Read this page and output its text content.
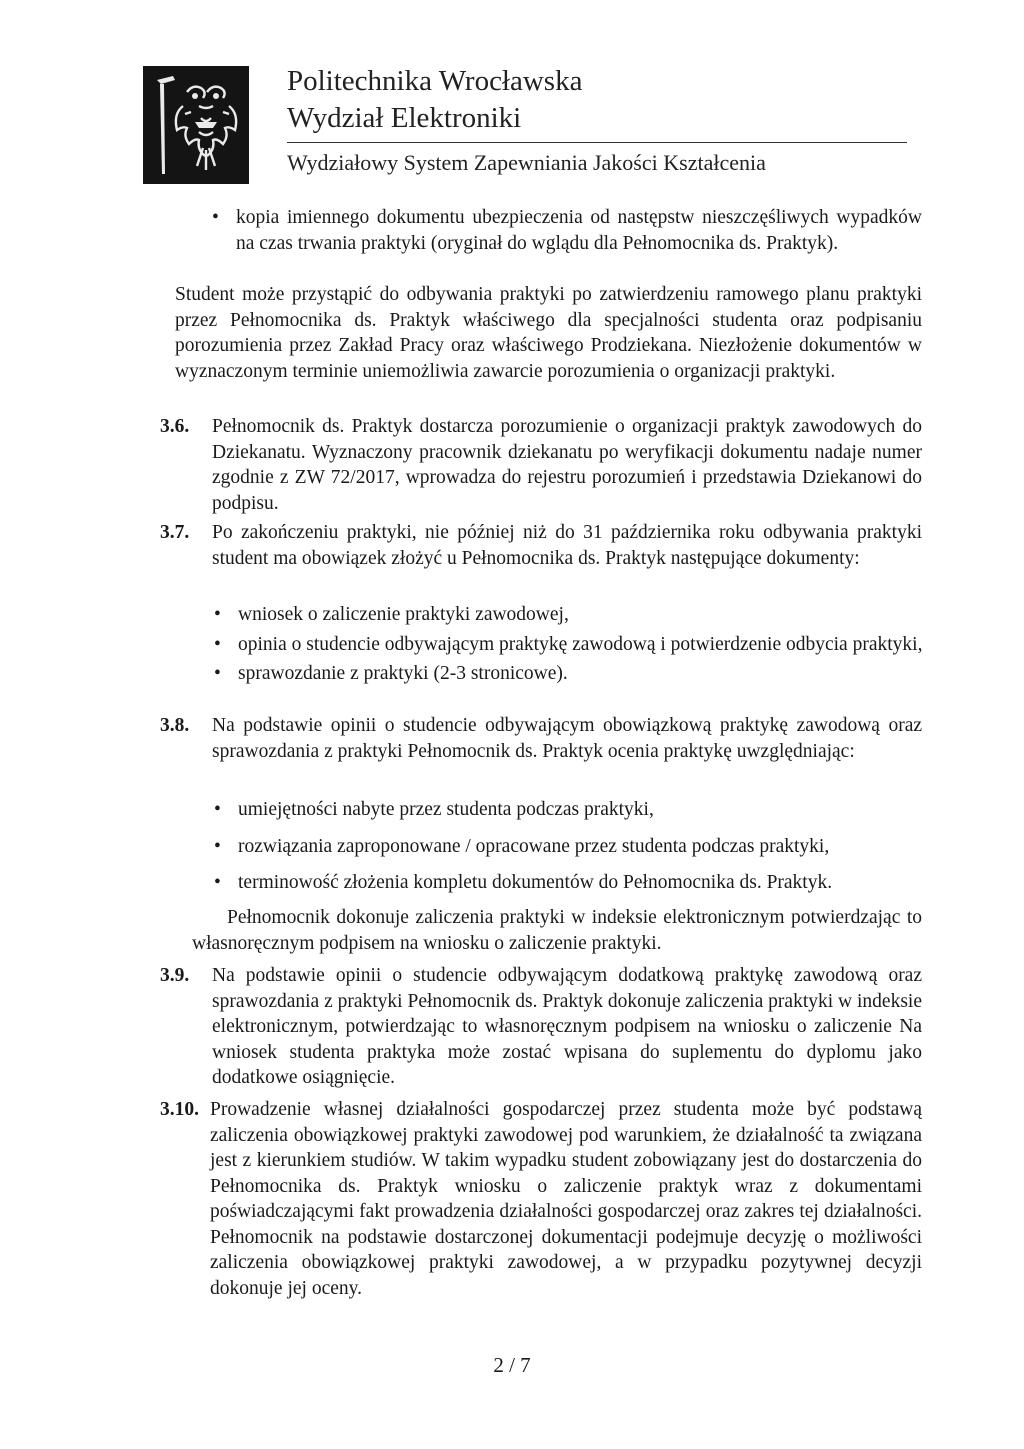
Politechnika Wrocławska
Wydział Elektroniki
Wydziałowy System Zapewniania Jakości Kształcenia
• kopia imiennego dokumentu ubezpieczenia od następstw nieszczęśliwych wypadków na czas trwania praktyki (oryginał do wglądu dla Pełnomocnika ds. Praktyk).

Student może przystąpić do odbywania praktyki po zatwierdzeniu ramowego planu praktyki przez Pełnomocnika ds. Praktyk właściwego dla specjalności studenta oraz podpisaniu porozumienia przez Zakład Pracy oraz właściwego Prodziekana. Niezłożenie dokumentów w wyznaczonym terminie uniemożliwia zawarcie porozumienia o organizacji praktyki.

3.6. Pełnomocnik ds. Praktyk dostarcza porozumienie o organizacji praktyk zawodowych do Dziekanatu. Wyznaczony pracownik dziekanatu po weryfikacji dokumentu nadaje numer zgodnie z ZW 72/2017, wprowadza do rejestru porozumień i przedstawia Dziekanowi do podpisu.

3.7. Po zakończeniu praktyki, nie później niż do 31 października roku odbywania praktyki student ma obowiązek złożyć u Pełnomocnika ds. Praktyk następujące dokumenty:

• wniosek o zaliczenie praktyki zawodowej,
• opinia o studencie odbywającym praktykę zawodową i potwierdzenie odbycia praktyki,
• sprawozdanie z praktyki (2-3 stronicowe).
3.8. Na podstawie opinii o studencie odbywającym obowiązkową praktykę zawodową oraz sprawozdania z praktyki Pełnomocnik ds. Praktyk ocenia praktykę uwzględniając:

• umiejętności nabyte przez studenta podczas praktyki,
• rozwiązania zaproponowane / opracowane przez studenta podczas praktyki,
• terminowość złożenia kompletu dokumentów do Pełnomocnika ds. Praktyk.

Pełnomocnik dokonuje zaliczenia praktyki w indeksie elektronicznym potwierdzając to własnoręcznym podpisem na wniosku o zaliczenie praktyki.

3.9. Na podstawie opinii o studencie odbywającym dodatkową praktykę zawodową oraz sprawozdania z praktyki Pełnomocnik ds. Praktyk dokonuje zaliczenia praktyki w indeksie elektronicznym, potwierdzając to własnoręcznym podpisem na wniosku o zaliczenie Na wniosek studenta praktyka może zostać wpisana do suplementu do dyplomu jako dodatkowe osiągnięcie.

3.10. Prowadzenie własnej działalności gospodarczej przez studenta może być podstawą zaliczenia obowiązkowej praktyki zawodowej pod warunkiem, że działalność ta związana jest z kierunkiem studiów. W takim wypadku student zobowiązany jest do dostarczenia do Pełnomocnika ds. Praktyk wniosku o zaliczenie praktyk wraz z dokumentami poświadczającymi fakt prowadzenia działalności gospodarczej oraz zakres tej działalności. Pełnomocnik na podstawie dostarczonej dokumentacji podejmuje decyzję o możliwości zaliczenia obowiązkowej praktyki zawodowej, a w przypadku pozytywnej decyzji dokonuje jej oceny.

2 / 7
